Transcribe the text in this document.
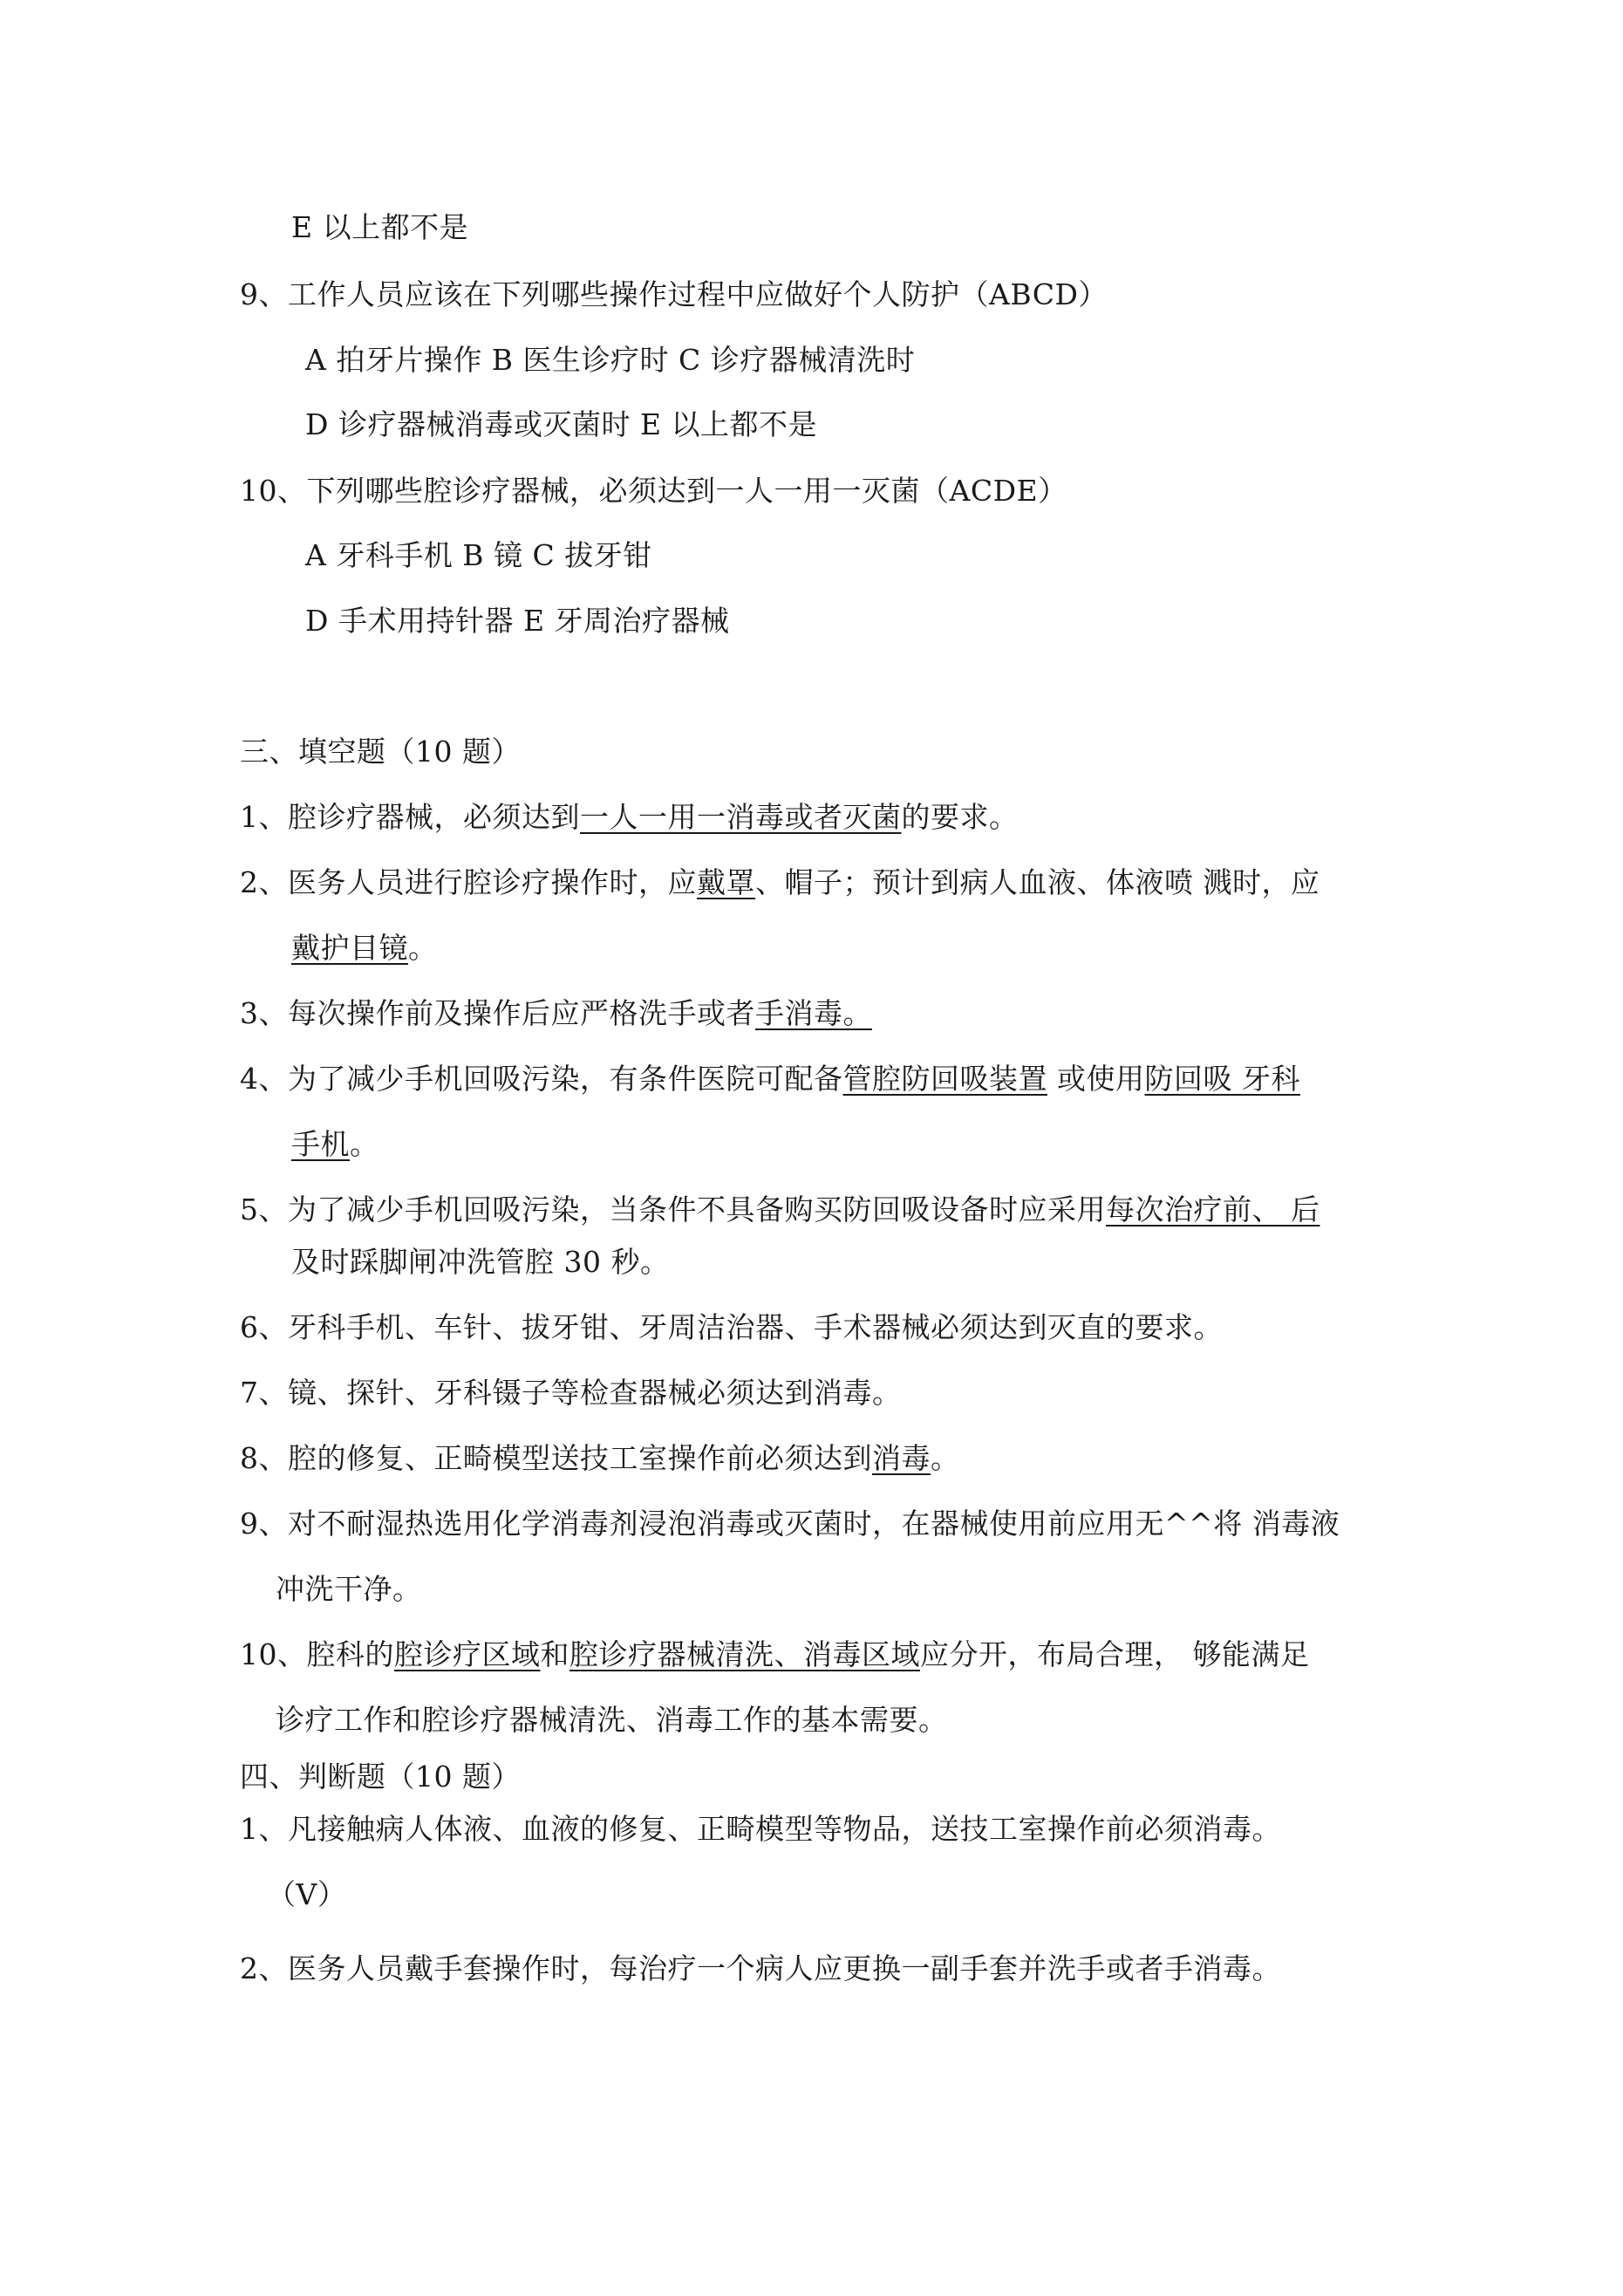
E 以上都不是
9、工作人员应该在下列哪些操作过程中应做好个人防护（ABCD）
A 拍牙片操作 B 医生诊疗时 C 诊疗器械清洗时
D 诊疗器械消毒或灭菌时 E 以上都不是
10、下列哪些腔诊疗器械，必须达到一人一用一灭菌（ACDE）
A 牙科手机 B 镜 C 拔牙钳
D 手术用持针器 E 牙周治疗器械
三、填空题（10 题）
1、腔诊疗器械，必须达到一人一用一消毒或者灭菌的要求。
2、医务人员进行腔诊疗操作时，应戴罩、帽子；预计到病人血液、体液喷 溅时，应
戴护目镜。
3、每次操作前及操作后应严格洗手或者手消毒。
4、为了减少手机回吸污染，有条件医院可配备管腔防回吸装置 或使用防回吸 牙科
手机。
5、为了减少手机回吸污染，当条件不具备购买防回吸设备时应采用每次治疗前、 后
及时踩脚闸冲洗管腔 30 秒。
6、牙科手机、车针、拔牙钳、牙周洁治器、手术器械必须达到灭直的要求。
7、镜、探针、牙科镊子等检查器械必须达到消毒。
8、腔的修复、正畸模型送技工室操作前必须达到消毒。
9、对不耐湿热选用化学消毒剂浸泡消毒或灭菌时，在器械使用前应用无^^将 消毒液
冲洗干净。
10、腔科的腔诊疗区域和腔诊疗器械清洗、消毒区域应分开，布局合理， 够能满足
诊疗工作和腔诊疗器械清洗、消毒工作的基本需要。
四、判断题（10 题）
1、凡接触病人体液、血液的修复、正畸模型等物品，送技工室操作前必须消毒。
（V）
2、医务人员戴手套操作时，每治疗一个病人应更换一副手套并洗手或者手消毒。
